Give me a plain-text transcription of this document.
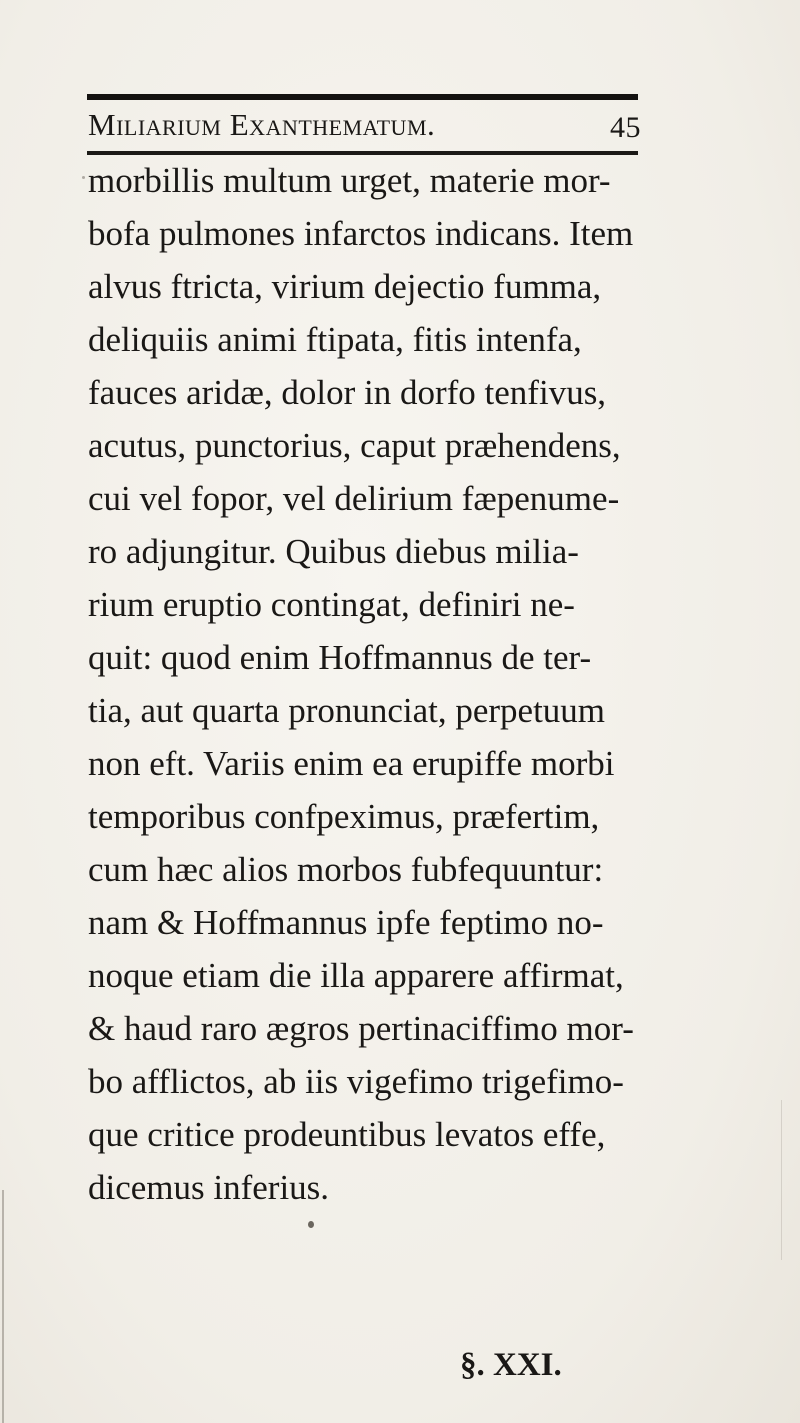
Miliarium Exanthematum.	45
morbillis multum urget, materie mor-
bofa pulmones infarctos indicans. Item
alvus ftricta, virium dejectio fumma,
deliquiis animi ftipata, fitis intenfa,
fauces aridæ, dolor in dorfo tenfivus,
acutus, punctorius, caput præhendens,
cui vel fopor, vel delirium fæpenume-
ro adjungitur. Quibus diebus milia-
rium eruptio contingat, definiri ne-
quit: quod enim Hoffmannus de ter-
tia, aut quarta pronunciat, perpetuum
non eft. Variis enim ea erupiffe morbi
temporibus confpeximus, præfertim,
cum hæc alios morbos fubfequuntur:
nam & Hoffmannus ipfe feptimo no-
noque etiam die illa apparere affirmat,
& haud raro ægros pertinaciffimo mor-
bo afflictos, ab iis vigefimo trigefimo-
que critice prodeuntibus levatos effe,
dicemus inferius.
§. XXI.
